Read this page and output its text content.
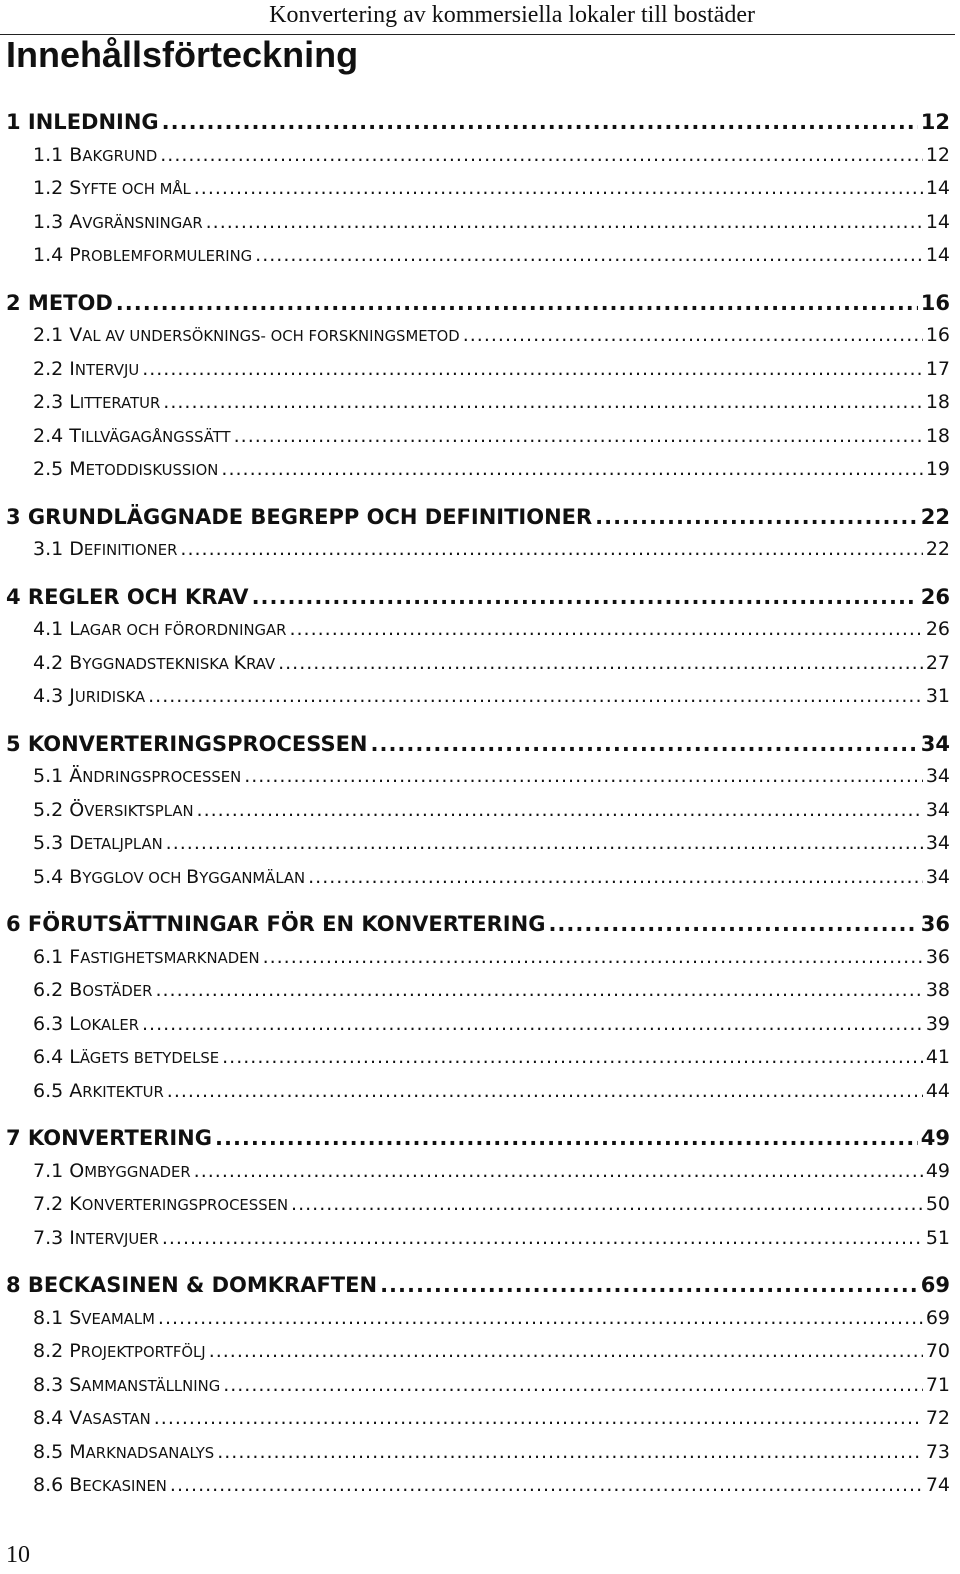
Konvertering av kommersiella lokaler till bostäder
Innehållsförteckning
1 INLEDNING .....	12
1.1 BAKGRUND .....	12
1.2 SYFTE OCH MÅL .....	14
1.3 AVGRÄNSNINGAR .....	14
1.4 PROBLEMFORMULERING .....	14
2 METOD .....	16
2.1 VAL AV UNDERSÖKNINGS- OCH FORSKNINGSMETOD .....	16
2.2 INTERVJU .....	17
2.3 LITTERATUR .....	18
2.4 TILLVÄGAGÅNGSSÄTT .....	18
2.5 METODDISKUSSION .....	19
3 GRUNDLÄGGNADE BEGREPP OCH DEFINITIONER .....	22
3.1 DEFINITIONER .....	22
4 REGLER OCH KRAV .....	26
4.1 LAGAR OCH FÖRORDNINGAR .....	26
4.2 BYGGNADSTEKNISKA KRAV .....	27
4.3 JURIDISKA .....	31
5 KONVERTERINGSPROCESSEN .....	34
5.1 ÄNDRINGSPROCESSEN .....	34
5.2 ÖVERSIKTSPLAN .....	34
5.3 DETALJPLAN .....	34
5.4 BYGGLOV OCH BYGGANMÄLAN .....	34
6 FÖRUTSÄTTNINGAR FÖR EN KONVERTERING .....	36
6.1 FASTIGHETSMARKNADEN .....	36
6.2 BOSTÄDER .....	38
6.3 LOKALER .....	39
6.4 LÄGETS BETYDELSE .....	41
6.5 ARKITEKTUR .....	44
7 KONVERTERING .....	49
7.1 OMBYGGNADER .....	49
7.2 KONVERTERINGSPROCESSEN .....	50
7.3 INTERVJUER .....	51
8 BECKASINEN & DOMKRAFTEN .....	69
8.1 SVEAMALM .....	69
8.2 PROJEKTPORTFÖLJ .....	70
8.3 SAMMANSTÄLLNING .....	71
8.4 VASASTAN .....	72
8.5 MARKNADSANALYS .....	73
8.6 BECKASINEN .....	74
10
